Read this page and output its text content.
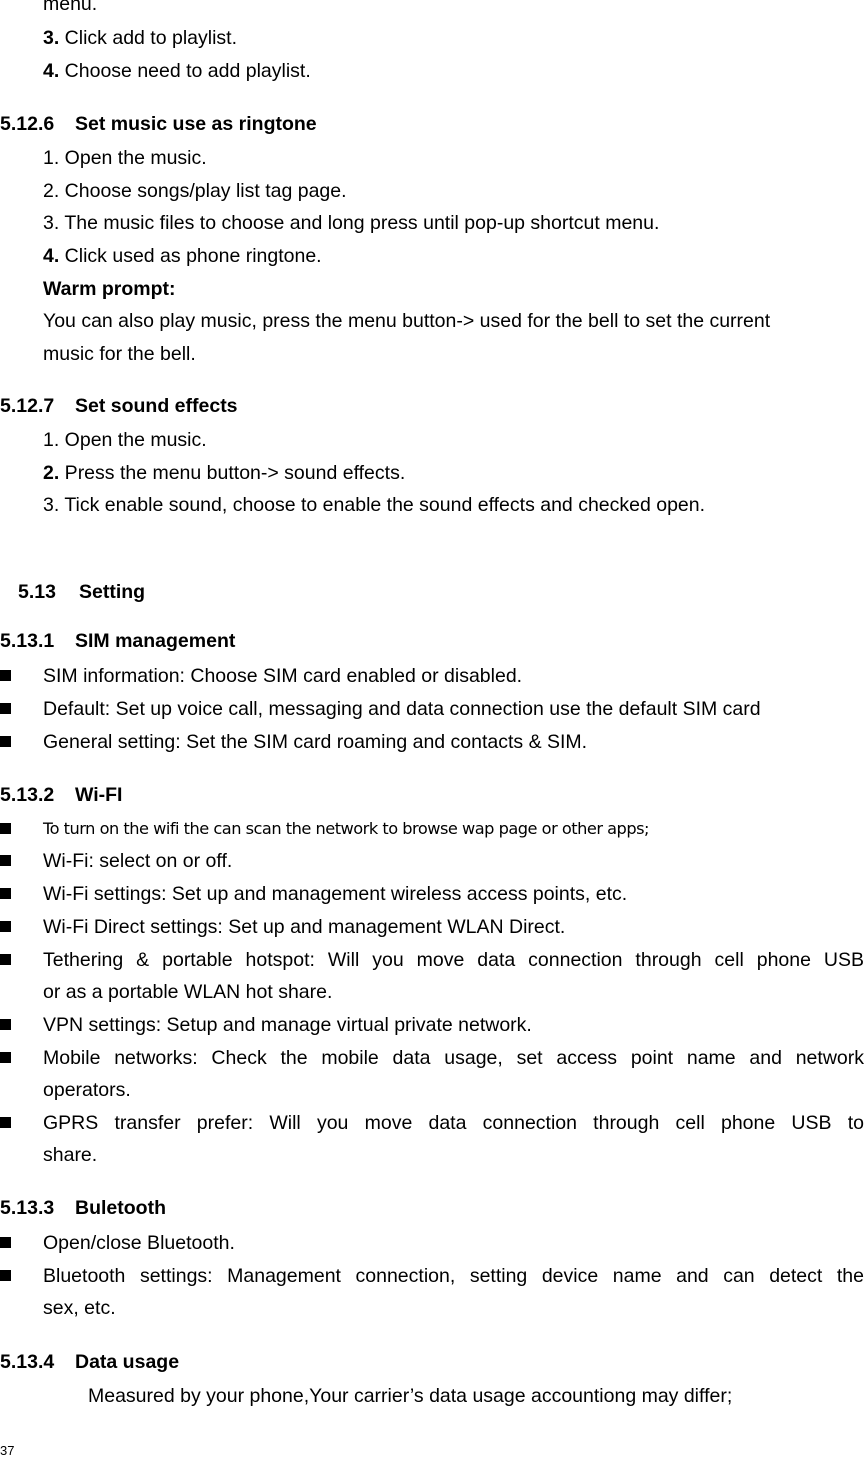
menu.
3. Click add to playlist.
4. Choose need to add playlist.
5.12.6 Set music use as ringtone
1. Open the music.
2. Choose songs/play list tag page.
3. The music files to choose and long press until pop-up shortcut menu.
4. Click used as phone ringtone.
Warm prompt:
You can also play music, press the menu button-> used for the bell to set the current
music for the bell.
5.12.7 Set sound effects
1. Open the music.
2. Press the menu button-> sound effects.
3. Tick enable sound, choose to enable the sound effects and checked open.
5.13 Setting
5.13.1 SIM management
SIM information: Choose SIM card enabled or disabled.
Default: Set up voice call, messaging and data connection use the default SIM card
General setting: Set the SIM card roaming and contacts & SIM.
5.13.2 Wi-FI
To turn on the wifi the can scan the network to browse wap page or other apps;
Wi-Fi: select on or off.
Wi-Fi settings: Set up and management wireless access points, etc.
Wi-Fi Direct settings: Set up and management WLAN Direct.
Tethering & portable hotspot: Will you move data connection through cell phone USB
or as a portable WLAN hot share.
VPN settings: Setup and manage virtual private network.
Mobile networks: Check the mobile data usage, set access point name and network
operators.
GPRS transfer prefer: Will you move data connection through cell phone USB to
share.
5.13.3 Buletooth
Open/close Bluetooth.
Bluetooth settings: Management connection, setting device name and can detect the
sex, etc.
5.13.4 Data usage
Measured by your phone,Your carrier’s data usage accountiong may differ;
37
